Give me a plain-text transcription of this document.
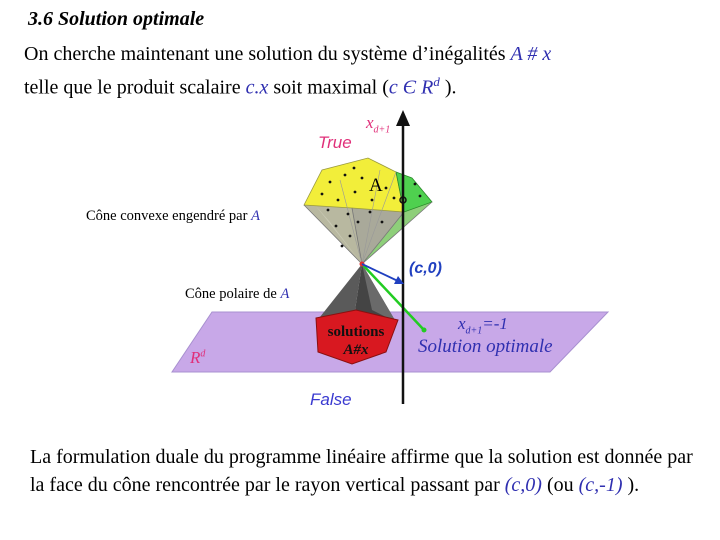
3.6 Solution optimale
On cherche maintenant une solution du système d’inégalités A # x
telle que le produit scalaire c.x soit maximal (c Є $R^d$ ).
$x_{d+1}$
True
A
Cône convexe engendré par A
Cône polaire de A
(c,0)
$x_{d+1}=-1$
solutions
A#x	Solution optimale
$R^d$
False
La formulation duale du programme linéaire affirme que la solution est donnée par la face du cône rencontrée par le rayon vertical passant par (c,0) (ou (c,-1) ).
